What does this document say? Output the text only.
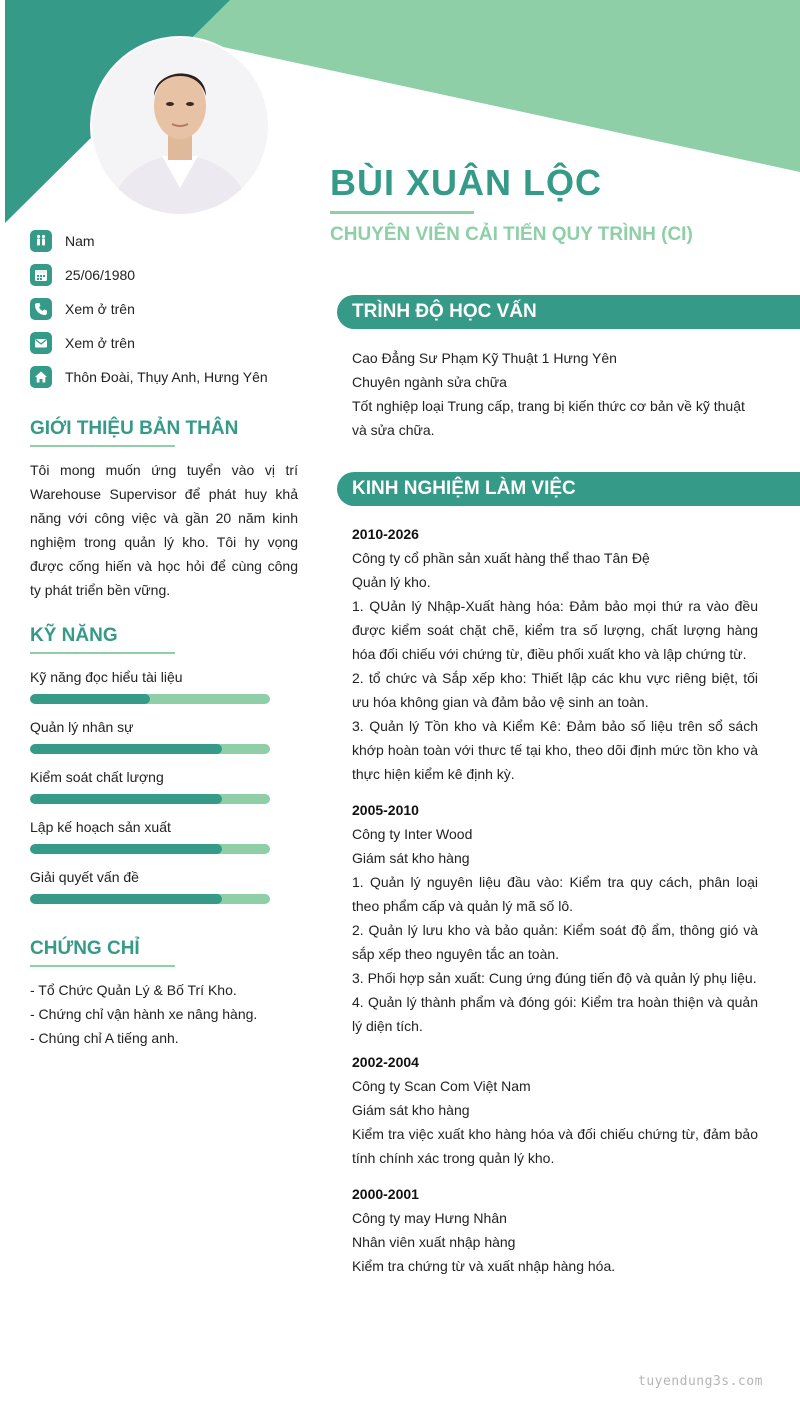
BÙI XUÂN LỘC
CHUYÊN VIÊN CẢI TIẾN QUY TRÌNH (CI)
Nam
25/06/1980
Xem ở trên
Xem ở trên
Thôn Đoài, Thụy Anh, Hưng Yên
GIỚI THIỆU BẢN THÂN
Tôi mong muốn ứng tuyển vào vị trí Warehouse Supervisor để phát huy khả năng với công việc và gần 20 năm kinh nghiệm trong quản lý kho. Tôi hy vọng được cống hiến và học hỏi để cùng công ty phát triển bền vững.
KỸ NĂNG
Kỹ năng đọc hiểu tài liệu
Quản lý nhân sự
Kiểm soát chất lượng
Lập kế hoạch sản xuất
Giải quyết vấn đề
CHỨNG CHỈ
- Tổ Chức Quản Lý & Bố Trí Kho.
- Chứng chỉ vận hành xe nâng hàng.
- Chúng chỉ A tiếng anh.
TRÌNH ĐỘ HỌC VẤN
Cao Đẳng Sư Phạm Kỹ Thuật 1 Hưng Yên
Chuyên ngành sửa chữa
Tốt nghiệp loại Trung cấp, trang bị kiến thức cơ bản về kỹ thuật và sửa chữa.
KINH NGHIỆM LÀM VIỆC
2010-2026
Công ty cổ phần sản xuất hàng thể thao Tân Đệ
Quản lý kho.
1. QUản lý Nhập-Xuất hàng hóa: Đảm bảo mọi thứ ra vào đều được kiểm soát chặt chẽ, kiểm tra số lượng, chất lượng hàng hóa đối chiếu với chứng từ, điều phối xuất kho và lập chứng từ.
2. tổ chức và Sắp xếp kho: Thiết lập các khu vực riêng biệt, tối ưu hóa không gian và đảm bảo vệ sinh an toàn.
3. Quản lý Tồn kho và Kiểm Kê: Đảm bảo số liệu trên sổ sách khớp hoàn toàn với thưc tế tại kho, theo dõi định mức tồn kho và thực hiện kiểm kê định kỳ.
2005-2010
Công ty Inter Wood
Giám sát kho hàng
1. Quản lý nguyên liệu đầu vào: Kiểm tra quy cách, phân loại theo phẩm cấp và quản lý mã số lô.
2. Quản lý lưu kho và bảo quản: Kiểm soát độ ẩm, thông gió và sắp xếp theo nguyên tắc an toàn.
3. Phối hợp sản xuất: Cung ứng đúng tiến độ và quản lý phụ liệu.
4. Quản lý thành phẩm và đóng gói: Kiểm tra hoàn thiện và quản lý diện tích.
2002-2004
Công ty Scan Com Việt Nam
Giám sát kho hàng
Kiểm tra việc xuất kho hàng hóa và đối chiếu chứng từ, đảm bảo tính chính xác trong quản lý kho.
2000-2001
Công ty may Hưng Nhân
Nhân viên xuất nhập hàng
Kiểm tra chứng từ và xuất nhập hàng hóa.
tuyendung3s.com
